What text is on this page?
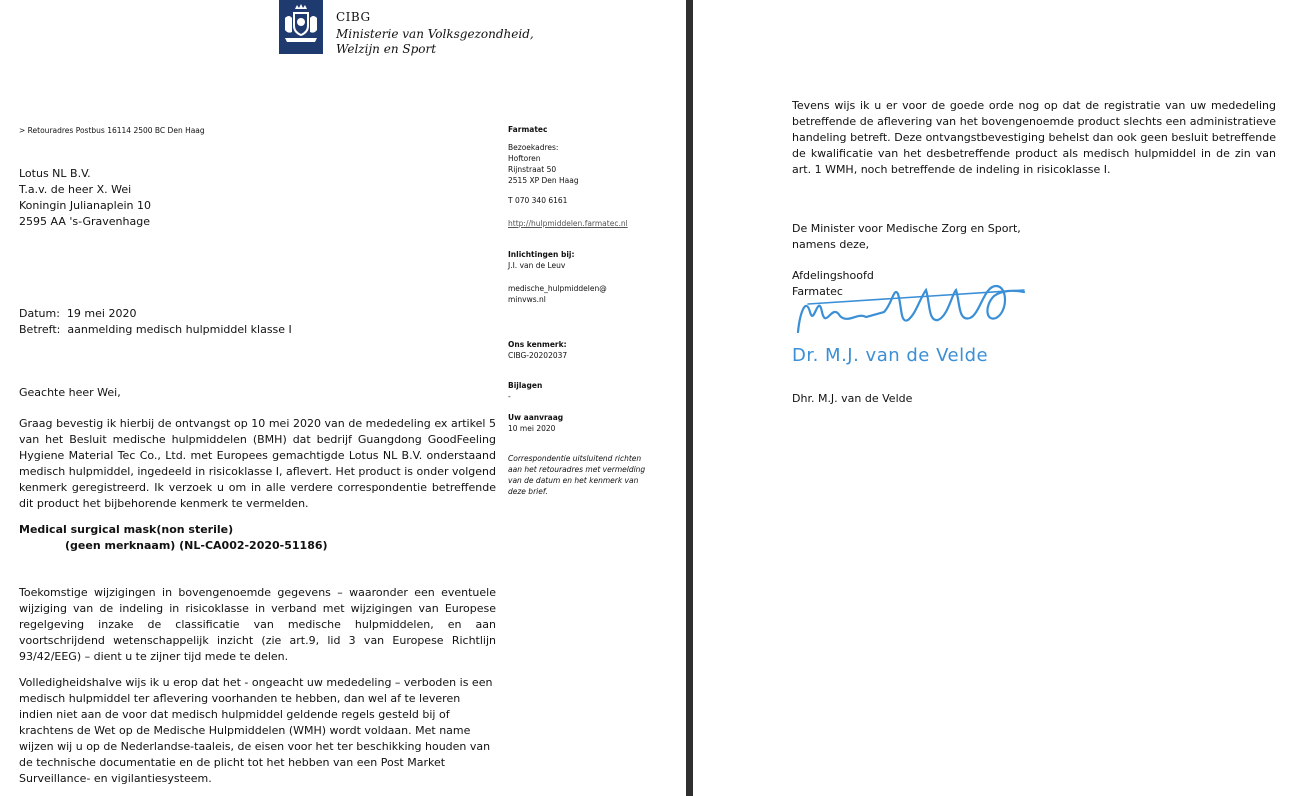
CIBG
Ministerie van Volksgezondheid,
Welzijn en Sport
> Retouradres Postbus 16114 2500 BC Den Haag
Lotus NL B.V.
T.a.v. de heer X. Wei
Koningin Julianaplein 10
2595 AA 's-Gravenhage
Datum: 19 mei 2020
Betreft: aanmelding medisch hulpmiddel klasse I
Geachte heer Wei,
Graag bevestig ik hierbij de ontvangst op 10 mei 2020 van de mededeling ex artikel 5 van het Besluit medische hulpmiddelen (BMH) dat bedrijf Guangdong GoodFeeling Hygiene Material Tec Co., Ltd. met Europees gemachtigde Lotus NL B.V. onderstaand medisch hulpmiddel, ingedeeld in risicoklasse I, aflevert. Het product is onder volgend kenmerk geregistreerd. Ik verzoek u om in alle verdere correspondentie betreffende dit product het bijbehorende kenmerk te vermelden.
Medical surgical mask(non sterile)
(geen merknaam) (NL-CA002-2020-51186)
Toekomstige wijzigingen in bovengenoemde gegevens – waaronder een eventuele wijziging van de indeling in risicoklasse in verband met wijzigingen van Europese regelgeving inzake de classificatie van medische hulpmiddelen, en aan voortschrijdend wetenschappelijk inzicht (zie art.9, lid 3 van Europese Richtlijn 93/42/EEG) – dient u te zijner tijd mede te delen.
Volledigheidshalve wijs ik u erop dat het - ongeacht uw mededeling – verboden is een medisch hulpmiddel ter aflevering voorhanden te hebben, dan wel af te leveren indien niet aan de voor dat medisch hulpmiddel geldende regels gesteld bij of krachtens de Wet op de Medische Hulpmiddelen (WMH) wordt voldaan. Met name wijzen wij u op de Nederlandse-taaleis, de eisen voor het ter beschikking houden van de technische documentatie en de plicht tot het hebben van een Post Market Surveillance- en vigilantiesysteem.
Farmatec
Bezoekadres:
Hoftoren
Rijnstraat 50
2515 XP Den Haag
T 070 340 6161
http://hulpmiddelen.farmatec.nl
Inlichtingen bij:
J.I. van de Leuv
medische_hulpmiddelen@
minvws.nl
Ons kenmerk:
CIBG-20202037
Bijlagen
-
Uw aanvraag
10 mei 2020
Correspondentie uitsluitend richten aan het retouradres met vermelding van de datum en het kenmerk van deze brief.
Tevens wijs ik u er voor de goede orde nog op dat de registratie van uw mededeling betreffende de aflevering van het bovengenoemde product slechts een administratieve handeling betreft. Deze ontvangstbevestiging behelst dan ook geen besluit betreffende de kwalificatie van het desbetreffende product als medisch hulpmiddel in de zin van art. 1 WMH, noch betreffende de indeling in risicoklasse I.
De Minister voor Medische Zorg en Sport,
namens deze,
Afdelingshoofd
Farmatec
Dr. M.J. van de Velde
Dhr. M.J. van de Velde
